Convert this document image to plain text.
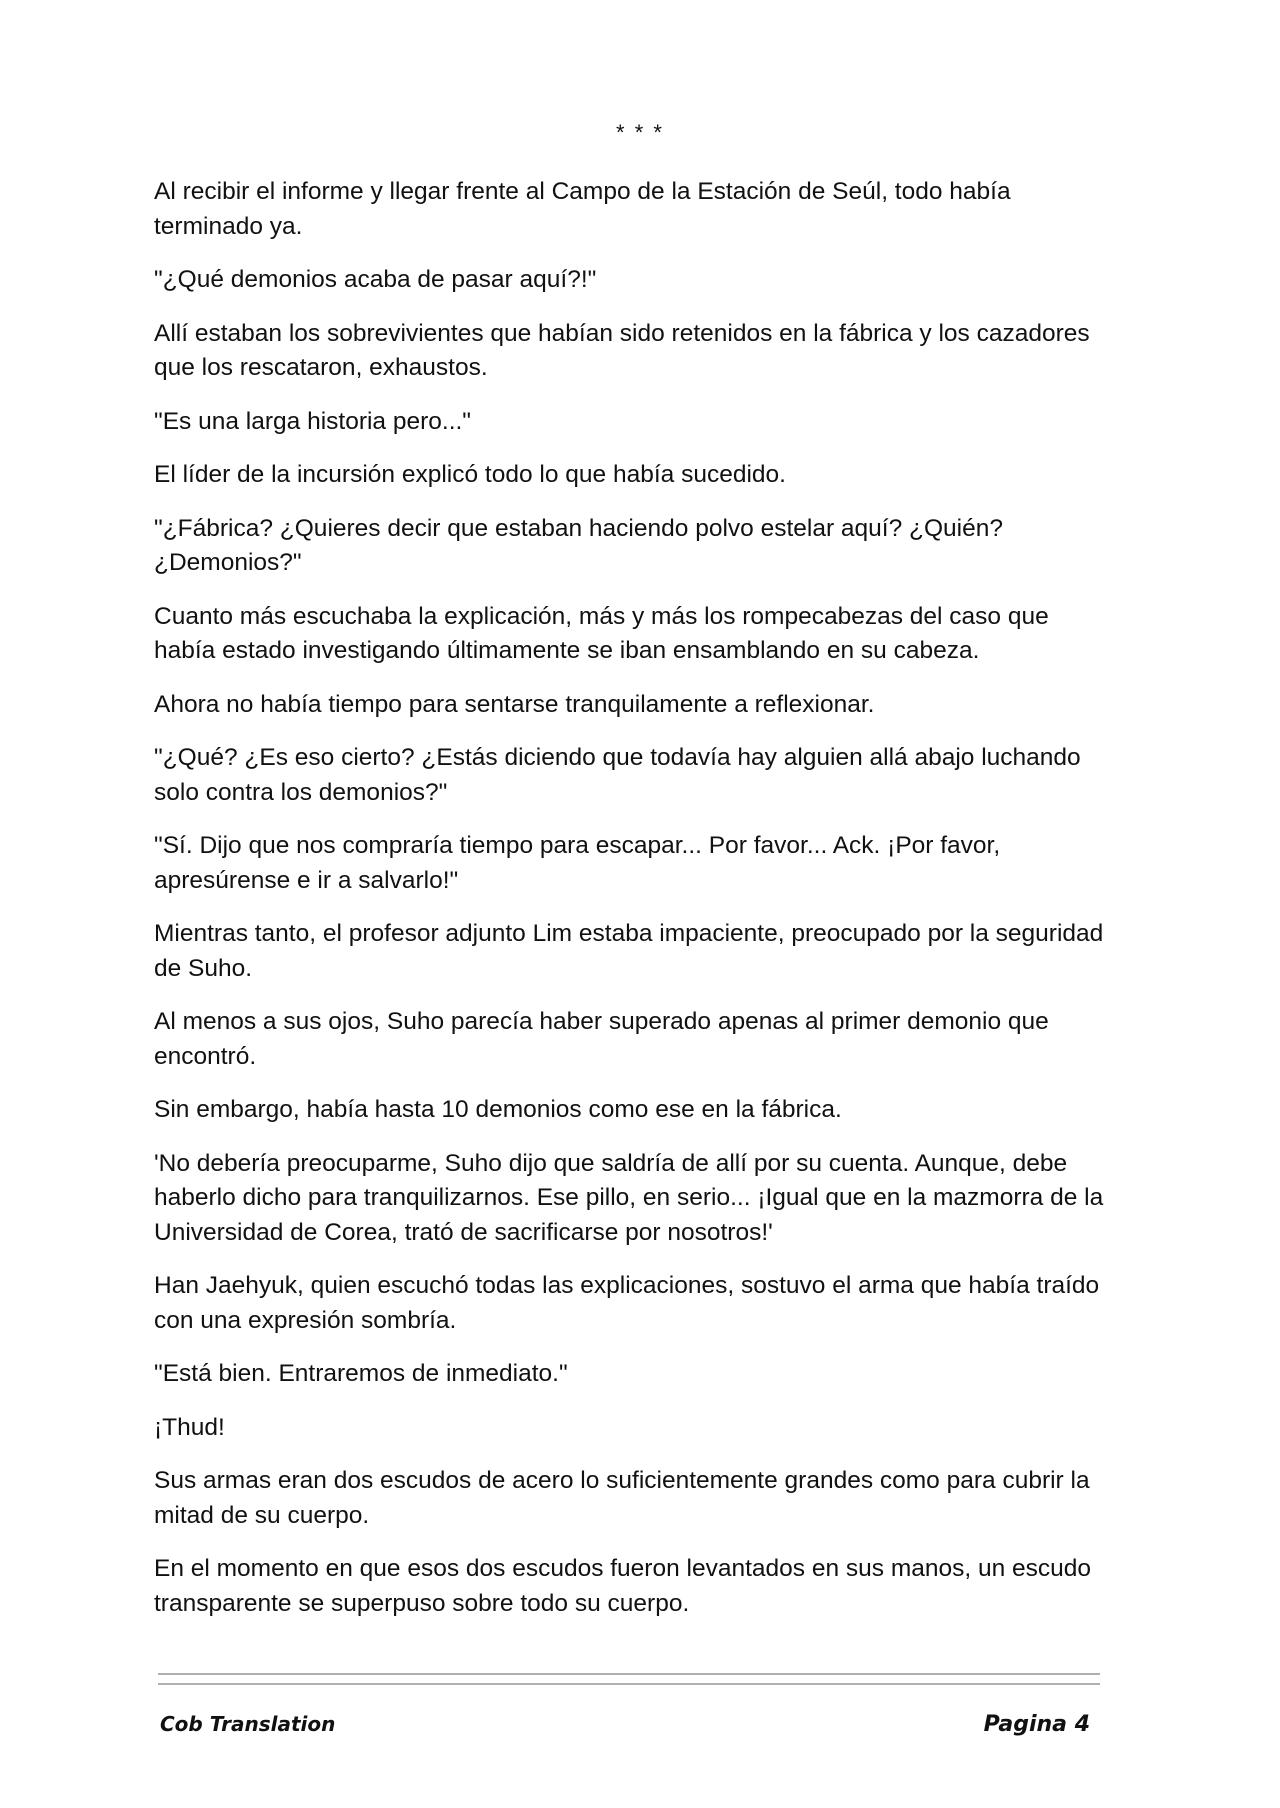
* * *

Al recibir el informe y llegar frente al Campo de la Estación de Seúl, todo había terminado ya.

"¿Qué demonios acaba de pasar aquí?!"

Allí estaban los sobrevivientes que habían sido retenidos en la fábrica y los cazadores que los rescataron, exhaustos.

"Es una larga historia pero..."

El líder de la incursión explicó todo lo que había sucedido.

"¿Fábrica? ¿Quieres decir que estaban haciendo polvo estelar aquí? ¿Quién? ¿Demonios?"

Cuanto más escuchaba la explicación, más y más los rompecabezas del caso que había estado investigando últimamente se iban ensamblando en su cabeza.

Ahora no había tiempo para sentarse tranquilamente a reflexionar.

"¿Qué? ¿Es eso cierto? ¿Estás diciendo que todavía hay alguien allá abajo luchando solo contra los demonios?"

"Sí. Dijo que nos compraría tiempo para escapar... Por favor... Ack. ¡Por favor, apresúrense e ir a salvarlo!"

Mientras tanto, el profesor adjunto Lim estaba impaciente, preocupado por la seguridad de Suho.

Al menos a sus ojos, Suho parecía haber superado apenas al primer demonio que encontró.

Sin embargo, había hasta 10 demonios como ese en la fábrica.

'No debería preocuparme, Suho dijo que saldría de allí por su cuenta. Aunque, debe haberlo dicho para tranquilizarnos. Ese pillo, en serio... ¡Igual que en la mazmorra de la Universidad de Corea, trató de sacrificarse por nosotros!'

Han Jaehyuk, quien escuchó todas las explicaciones, sostuvo el arma que había traído con una expresión sombría.

"Está bien. Entraremos de inmediato."

¡Thud!

Sus armas eran dos escudos de acero lo suficientemente grandes como para cubrir la mitad de su cuerpo.

En el momento en que esos dos escudos fueron levantados en sus manos, un escudo transparente se superpuso sobre todo su cuerpo.

Cob Translation	Pagina 4
